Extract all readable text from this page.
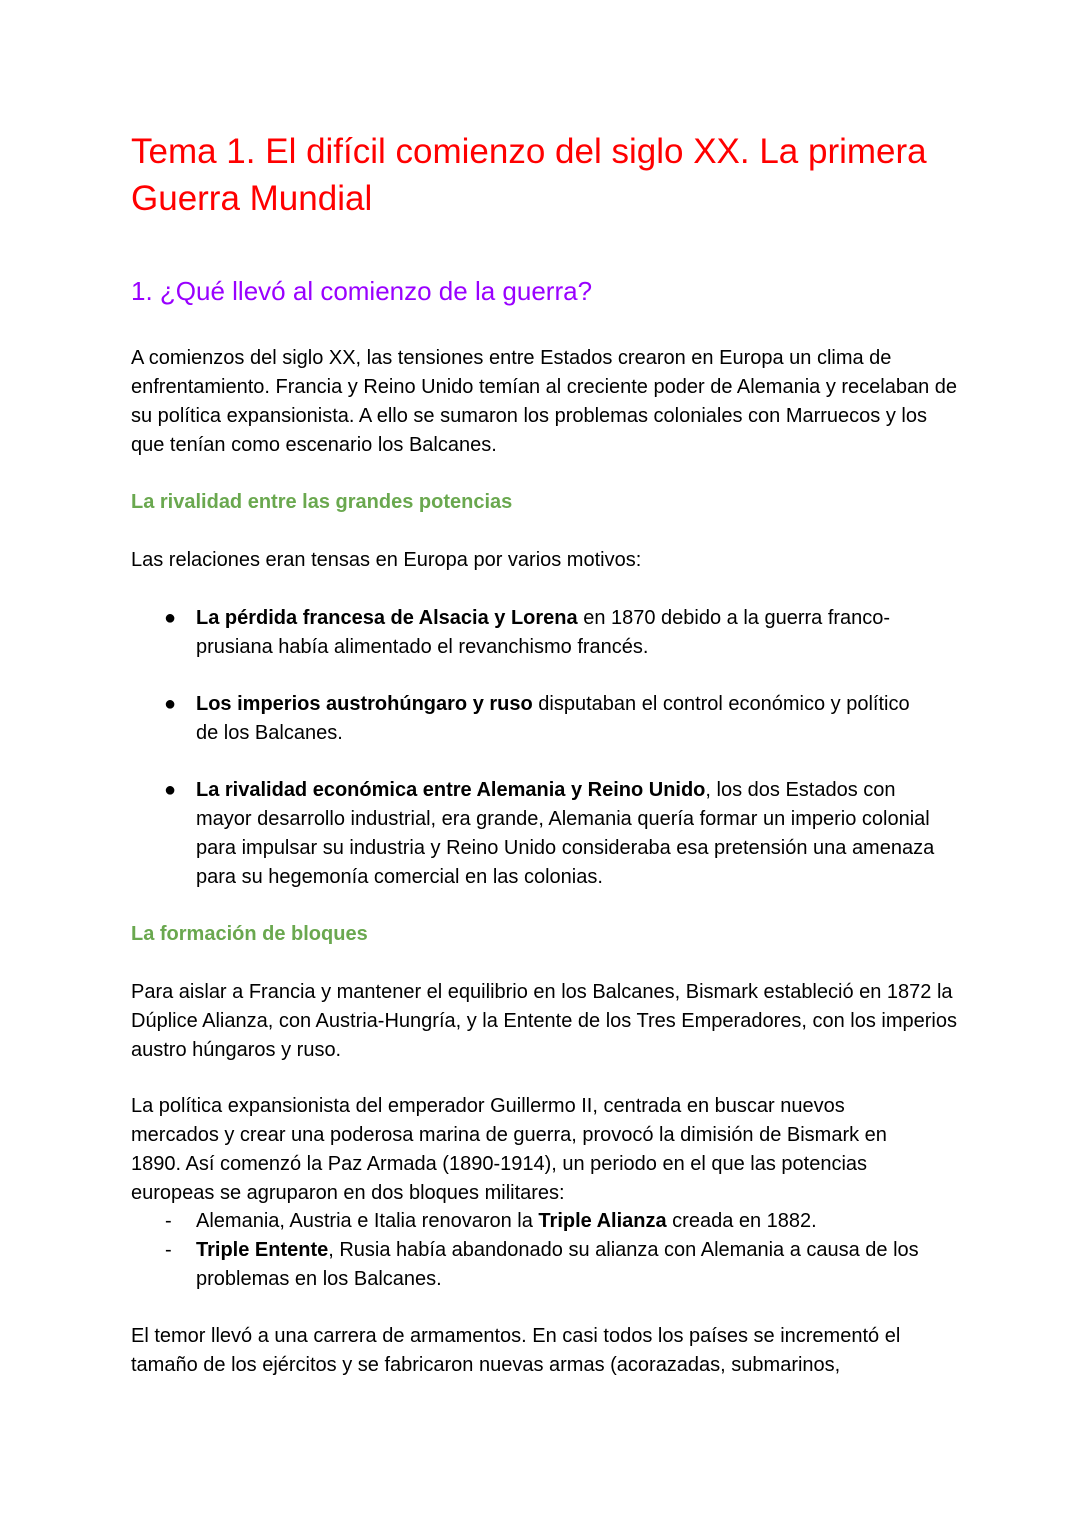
Tema 1. El difícil comienzo del siglo XX. La primera Guerra Mundial
1. ¿Qué llevó al comienzo de la guerra?

A comienzos del siglo XX, las tensiones entre Estados crearon en Europa un clima de enfrentamiento. Francia y Reino Unido temían al creciente poder de Alemania y recelaban de su política expansionista. A ello se sumaron los problemas coloniales con Marruecos y los que tenían como escenario los Balcanes.

La rivalidad entre las grandes potencias

Las relaciones eran tensas en Europa por varios motivos:

● La pérdida francesa de Alsacia y Lorena en 1870 debido a la guerra franco-prusiana había alimentado el revanchismo francés.
● Los imperios austrohúngaro y ruso disputaban el control económico y político de los Balcanes.
● La rivalidad económica entre Alemania y Reino Unido, los dos Estados con mayor desarrollo industrial, era grande, Alemania quería formar un imperio colonial para impulsar su industria y Reino Unido consideraba esa pretensión una amenaza para su hegemonía comercial en las colonias.
La formación de bloques

Para aislar a Francia y mantener el equilibrio en los Balcanes, Bismark estableció en 1872 la Dúplice Alianza, con Austria-Hungría, y la Entente de los Tres Emperadores, con los imperios austro húngaros y ruso.

La política expansionista del emperador Guillermo II, centrada en buscar nuevos mercados y crear una poderosa marina de guerra, provocó la dimisión de Bismark en 1890. Así comenzó la Paz Armada (1890-1914), un periodo en el que las potencias europeas se agruparon en dos bloques militares:

- Alemania, Austria e Italia renovaron la Triple Alianza creada en 1882.
- Triple Entente, Rusia había abandonado su alianza con Alemania a causa de los problemas en los Balcanes.

El temor llevó a una carrera de armamentos. En casi todos los países se incrementó el tamaño de los ejércitos y se fabricaron nuevas armas (acorazadas, submarinos,
